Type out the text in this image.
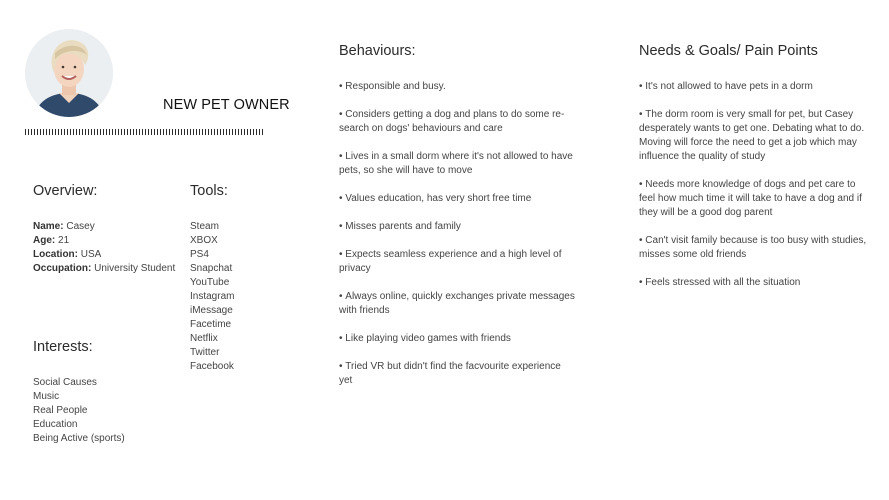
NEW PET OWNER
Overview:
Name: Casey
Age: 21
Location: USA
Occupation: University Student
Tools:
Steam
XBOX
PS4
Snapchat
YouTube
Instagram
iMessage
Facetime
Netflix
Twitter
Facebook
Interests:
Social Causes
Music
Real People
Education
Being Active (sports)
Behaviours:
• Responsible and busy.
• Considers getting a dog and plans to do some re-search on dogs' behaviours and care
• Lives in a small dorm where it's not allowed to have pets, so she will have to move
• Values education, has very short free time
• Misses parents and family
• Expects seamless experience and a high level of privacy
• Always online, quickly exchanges private messages with friends
• Like playing video games with friends
• Tried VR but didn't find the facvourite experience yet
Needs & Goals/ Pain Points
• It's not allowed to have pets in a dorm
• The dorm room is very small for pet, but Casey desperately wants to get one. Debating what to do. Moving will force the need to get a job which may influence the quality of study
• Needs more knowledge of dogs and pet care to feel how much time it will take to have a dog and if they will be a good dog parent
• Can't visit family because is too busy with studies, misses some old friends
• Feels stressed with all the situation
